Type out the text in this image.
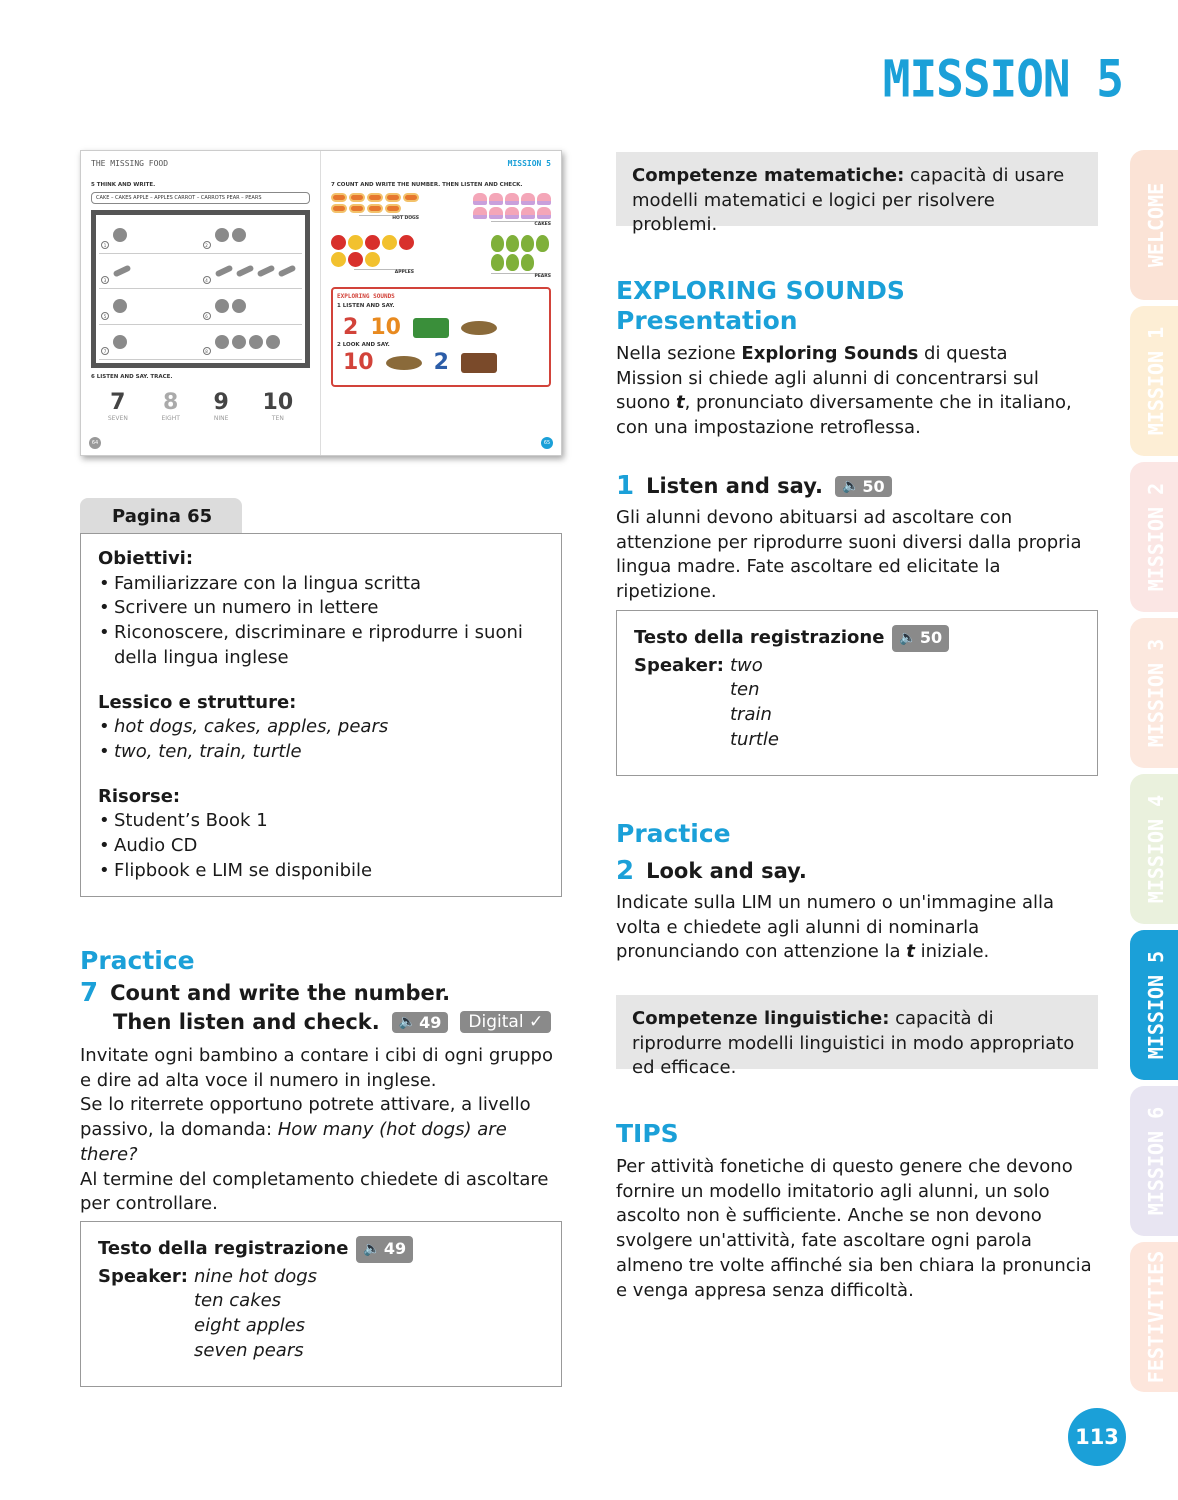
MISSION 5
THE MISSING FOOD
5 THINK AND WRITE.
CAKE – CAKES APPLE – APPLES CARROT – CARROTS PEAR – PEARS
1	2
3	4
5	6
7	8
6 LISTEN AND SAY. TRACE.
7
SEVEN
8
EIGHT
9
NINE
10
TEN
64
MISSION 5
7 COUNT AND WRITE THE NUMBER. THEN LISTEN AND CHECK.
HOT DOGS
CAKES
APPLES
PEARS
EXPLORING SOUNDS
1 LISTEN AND SAY.
2 10
2 LOOK AND SAY.
10	2
65
Pagina 65
Obiettivi:
• Familiarizzare con la lingua scritta
• Scrivere un numero in lettere
• Riconoscere, discriminare e riprodurre i suoni della lingua inglese
Lessico e strutture:
• hot dogs, cakes, apples, pears
• two, ten, train, turtle
Risorse:
• Student’s Book 1
• Audio CD
• Flipbook e LIM se disponibile
Practice
7 Count and write the number.
Then listen and check. 🔈 49	Digital ✓
Invitate ogni bambino a contare i cibi di ogni gruppo e dire ad alta voce il numero in inglese.
Se lo riterrete opportuno potrete attivare, a livello passivo, la domanda: How many (hot dogs) are there?
Al termine del completamento chiedete di ascoltare per controllare.
Testo della registrazione 🔈 49
Speaker: nine hot dogs
ten cakes
eight apples
seven pears
Competenze matematiche: capacità di usare modelli matematici e logici per risolvere problemi.
EXPLORING SOUNDS
Presentation
Nella sezione Exploring Sounds di questa Mission si chiede agli alunni di concentrarsi sul suono t, pronunciato diversamente che in italiano, con una impostazione retroflessa.
1 Listen and say. 🔈 50
Gli alunni devono abituarsi ad ascoltare con attenzione per riprodurre suoni diversi dalla propria lingua madre. Fate ascoltare ed elicitate la ripetizione.
Testo della registrazione 🔈 50
Speaker: two
ten
train
turtle
Practice
2 Look and say.
Indicate sulla LIM un numero o un'immagine alla volta e chiedete agli alunni di nominarla pronunciando con attenzione la t iniziale.
Competenze linguistiche: capacità di riprodurre modelli linguistici in modo appropriato ed efficace.
TIPS
Per attività fonetiche di questo genere che devono fornire un modello imitatorio agli alunni, un solo ascolto non è sufficiente. Anche se non devono svolgere un'attività, fate ascoltare ogni parola almeno tre volte affinché sia ben chiara la pronuncia e venga appresa senza difficoltà.
WELCOME
MISSION 1
MISSION 2
MISSION 3
MISSION 4
MISSION 5
MISSION 6
FESTIVITIES
113
